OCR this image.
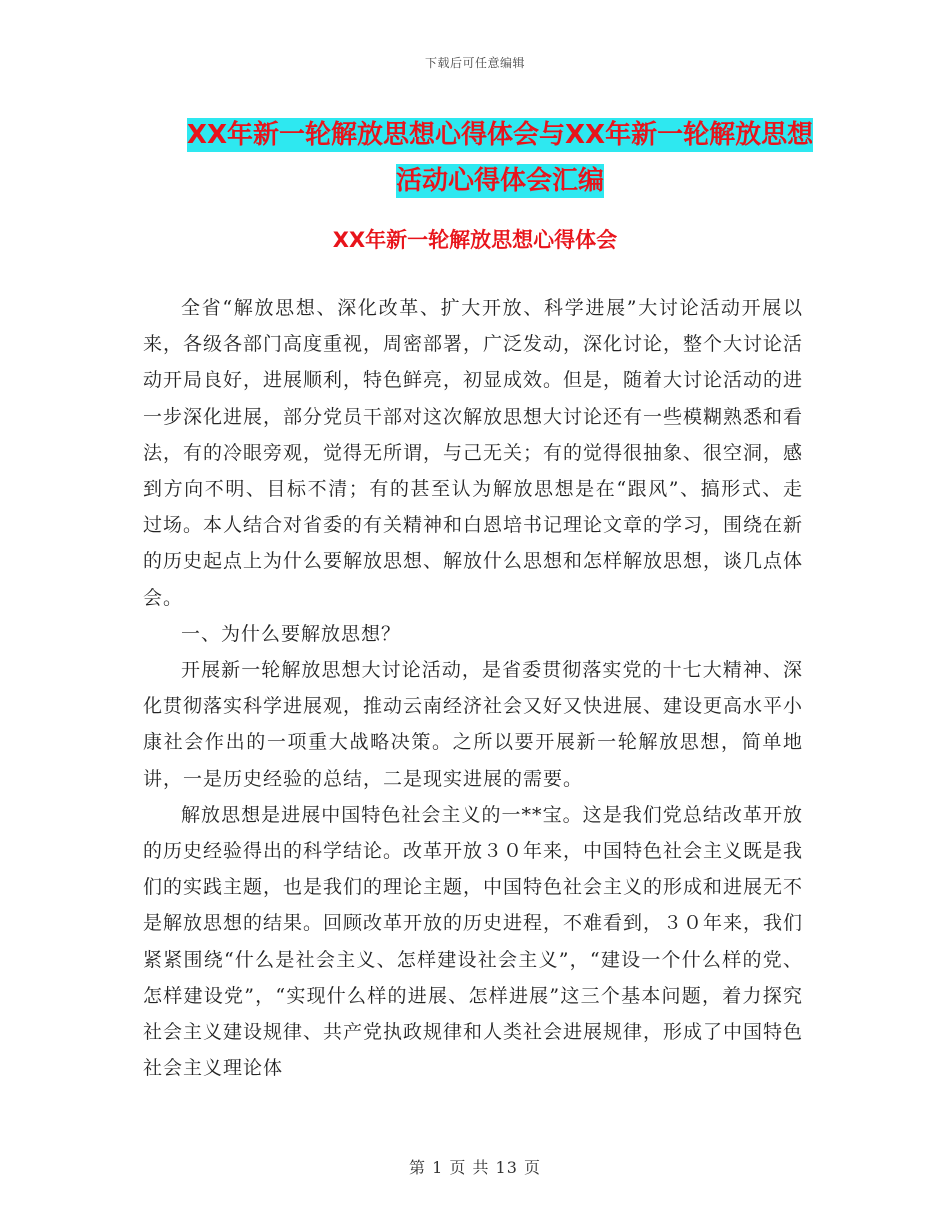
下载后可任意编辑
XX年新一轮解放思想心得体会与XX年新一轮解放思想
活动心得体会汇编
XX年新一轮解放思想心得体会

全省“解放思想、深化改革、扩大开放、科学进展”大讨论活动开展以来，各级各部门高度重视，周密部署，广泛发动，深化讨论，整个大讨论活动开局良好，进展顺利，特色鲜亮，初显成效。但是，随着大讨论活动的进一步深化进展，部分党员干部对这次解放思想大讨论还有一些模糊熟悉和看法，有的冷眼旁观，觉得无所谓，与己无关；有的觉得很抽象、很空洞，感到方向不明、目标不清；有的甚至认为解放思想是在“跟风”、搞形式、走过场。本人结合对省委的有关精神和白恩培书记理论文章的学习，围绕在新的历史起点上为什么要解放思想、解放什么思想和怎样解放思想，谈几点体会。

一、为什么要解放思想？

开展新一轮解放思想大讨论活动，是省委贯彻落实党的十七大精神、深化贯彻落实科学进展观，推动云南经济社会又好又快进展、建设更高水平小康社会作出的一项重大战略决策。之所以要开展新一轮解放思想，简单地讲，一是历史经验的总结，二是现实进展的需要。

解放思想是进展中国特色社会主义的一**宝。这是我们党总结改革开放的历史经验得出的科学结论。改革开放３０年来，中国特色社会主义既是我们的实践主题，也是我们的理论主题，中国特色社会主义的形成和进展无不是解放思想的结果。回顾改革开放的历史进程，不难看到，３０年来，我们紧紧围绕“什么是社会主义、怎样建设社会主义”，“建设一个什么样的党、怎样建设党”，“实现什么样的进展、怎样进展”这三个基本问题，着力探究社会主义建设规律、共产党执政规律和人类社会进展规律，形成了中国特色社会主义理论体

第 1 页 共 13 页
